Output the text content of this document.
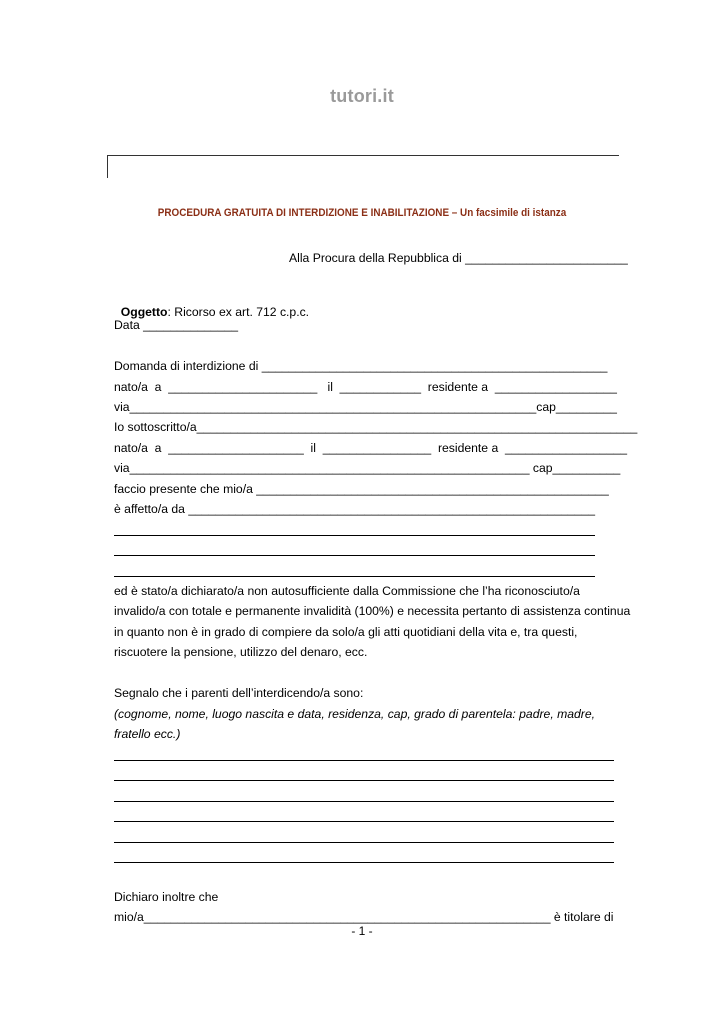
tutori.it
PROCEDURA GRATUITA DI INTERDIZIONE E INABILITAZIONE – Un facsimile di istanza
Alla Procura della Repubblica di ________________________

Oggetto: Ricorso ex art. 712 c.p.c.

Data ______________
Domanda di interdizione di ___________________________________________________
nato/a  a  ______________________   il  ____________  residente a  __________________
via____________________________________________________________cap_________
Io sottoscritto/a_________________________________________________________________
nato/a  a  ____________________  il  ________________  residente a  __________________
via___________________________________________________________ cap__________
faccio presente che mio/a ____________________________________________________
è affetto/a da ____________________________________________________________
ed è stato/a dichiarato/a non autosufficiente dalla Commissione che l’ha riconosciuto/a
invalido/a con totale e permanente invalidità (100%) e necessita pertanto di assistenza continua
in quanto non è in grado di compiere da solo/a gli atti quotidiani della vita e, tra questi,
riscuotere la pensione, utilizzo del denaro, ecc.
Segnalo che i parenti dell’interdicendo/a sono:
(cognome, nome, luogo nascita e data, residenza, cap, grado di parentela: padre, madre,
fratello ecc.)
Dichiaro inoltre che
mio/a____________________________________________________________ è titolare di
- 1 -
